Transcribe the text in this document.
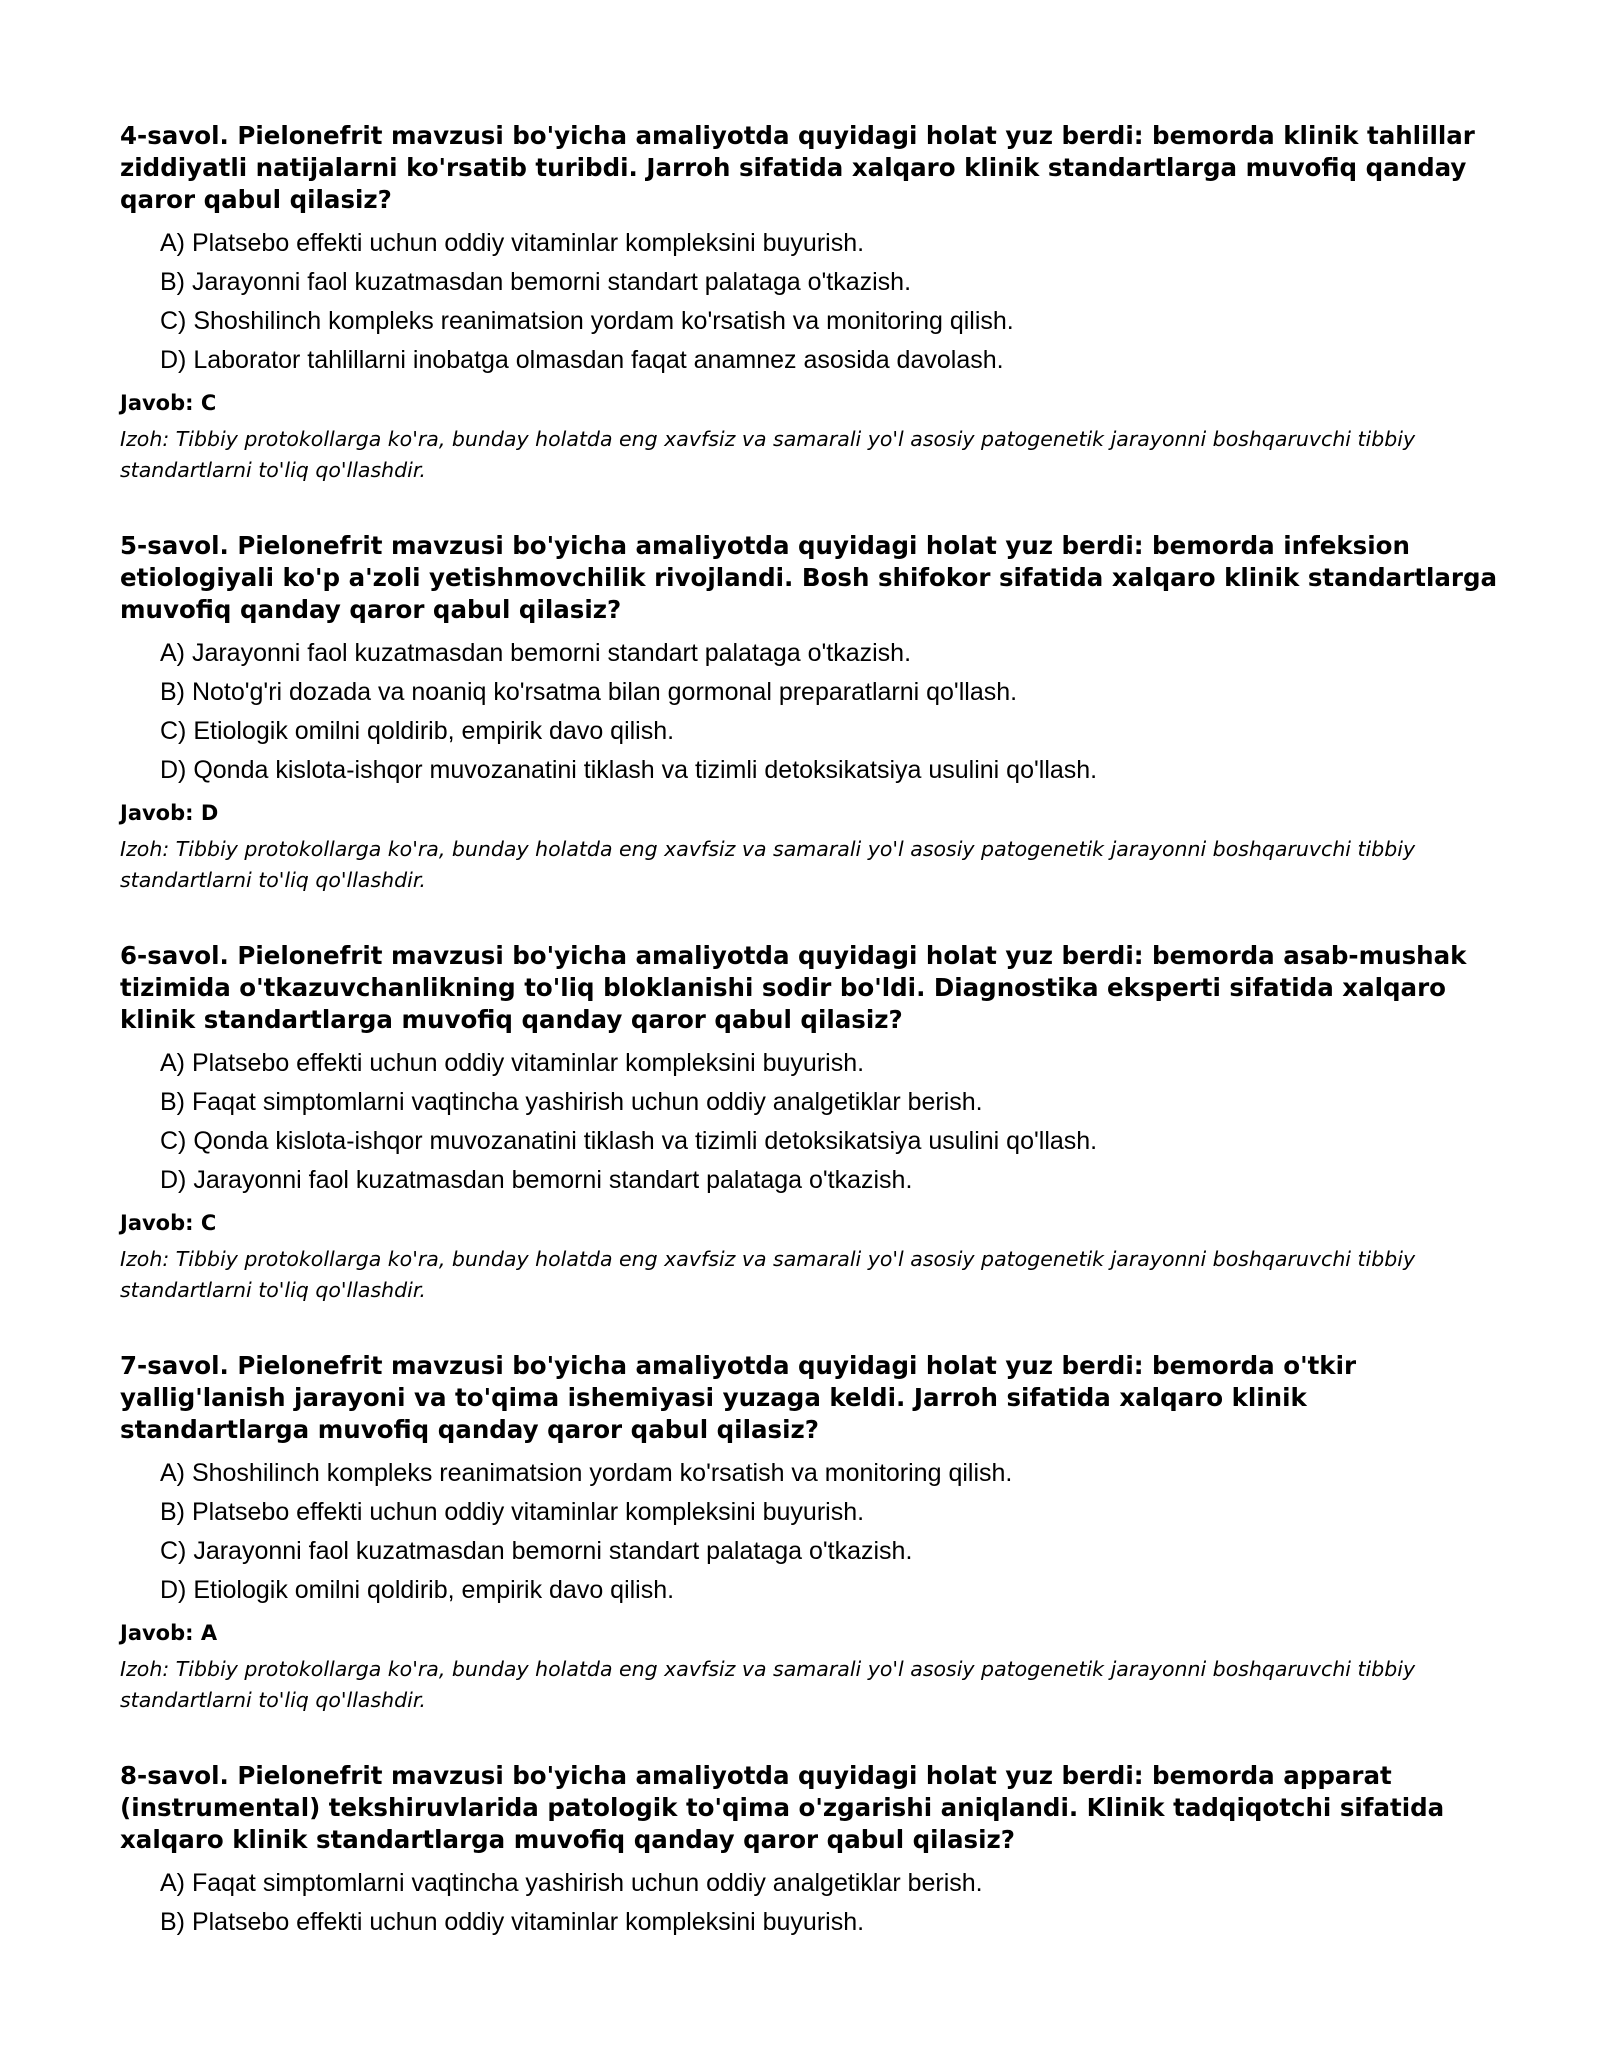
4-savol. Pielonefrit mavzusi bo'yicha amaliyotda quyidagi holat yuz berdi: bemorda klinik tahlillar ziddiyatli natijalarni ko'rsatib turibdi. Jarroh sifatida xalqaro klinik standartlarga muvofiq qanday qaror qabul qilasiz?
A) Platsebo effekti uchun oddiy vitaminlar kompleksini buyurish.
B) Jarayonni faol kuzatmasdan bemorni standart palataga o'tkazish.
C) Shoshilinch kompleks reanimatsion yordam ko'rsatish va monitoring qilish.
D) Laborator tahlillarni inobatga olmasdan faqat anamnez asosida davolash.
Javob: C

Izoh: Tibbiy protokollarga ko'ra, bunday holatda eng xavfsiz va samarali yo'l asosiy patogenetik jarayonni boshqaruvchi tibbiy standartlarni to'liq qo'llashdir.

5-savol. Pielonefrit mavzusi bo'yicha amaliyotda quyidagi holat yuz berdi: bemorda infeksion etiologiyali ko'p a'zoli yetishmovchilik rivojlandi. Bosh shifokor sifatida xalqaro klinik standartlarga muvofiq qanday qaror qabul qilasiz?
A) Jarayonni faol kuzatmasdan bemorni standart palataga o'tkazish.
B) Noto'g'ri dozada va noaniq ko'rsatma bilan gormonal preparatlarni qo'llash.
C) Etiologik omilni qoldirib, empirik davo qilish.
D) Qonda kislota-ishqor muvozanatini tiklash va tizimli detoksikatsiya usulini qo'llash.
Javob: D

Izoh: Tibbiy protokollarga ko'ra, bunday holatda eng xavfsiz va samarali yo'l asosiy patogenetik jarayonni boshqaruvchi tibbiy standartlarni to'liq qo'llashdir.

6-savol. Pielonefrit mavzusi bo'yicha amaliyotda quyidagi holat yuz berdi: bemorda asab-mushak tizimida o'tkazuvchanlikning to'liq bloklanishi sodir bo'ldi. Diagnostika eksperti sifatida xalqaro klinik standartlarga muvofiq qanday qaror qabul qilasiz?
A) Platsebo effekti uchun oddiy vitaminlar kompleksini buyurish.
B) Faqat simptomlarni vaqtincha yashirish uchun oddiy analgetiklar berish.
C) Qonda kislota-ishqor muvozanatini tiklash va tizimli detoksikatsiya usulini qo'llash.
D) Jarayonni faol kuzatmasdan bemorni standart palataga o'tkazish.
Javob: C

Izoh: Tibbiy protokollarga ko'ra, bunday holatda eng xavfsiz va samarali yo'l asosiy patogenetik jarayonni boshqaruvchi tibbiy standartlarni to'liq qo'llashdir.

7-savol. Pielonefrit mavzusi bo'yicha amaliyotda quyidagi holat yuz berdi: bemorda o'tkir yallig'lanish jarayoni va to'qima ishemiyasi yuzaga keldi. Jarroh sifatida xalqaro klinik standartlarga muvofiq qanday qaror qabul qilasiz?
A) Shoshilinch kompleks reanimatsion yordam ko'rsatish va monitoring qilish.
B) Platsebo effekti uchun oddiy vitaminlar kompleksini buyurish.
C) Jarayonni faol kuzatmasdan bemorni standart palataga o'tkazish.
D) Etiologik omilni qoldirib, empirik davo qilish.
Javob: A

Izoh: Tibbiy protokollarga ko'ra, bunday holatda eng xavfsiz va samarali yo'l asosiy patogenetik jarayonni boshqaruvchi tibbiy standartlarni to'liq qo'llashdir.

8-savol. Pielonefrit mavzusi bo'yicha amaliyotda quyidagi holat yuz berdi: bemorda apparat (instrumental) tekshiruvlarida patologik to'qima o'zgarishi aniqlandi. Klinik tadqiqotchi sifatida xalqaro klinik standartlarga muvofiq qanday qaror qabul qilasiz?
A) Faqat simptomlarni vaqtincha yashirish uchun oddiy analgetiklar berish.
B) Platsebo effekti uchun oddiy vitaminlar kompleksini buyurish.
